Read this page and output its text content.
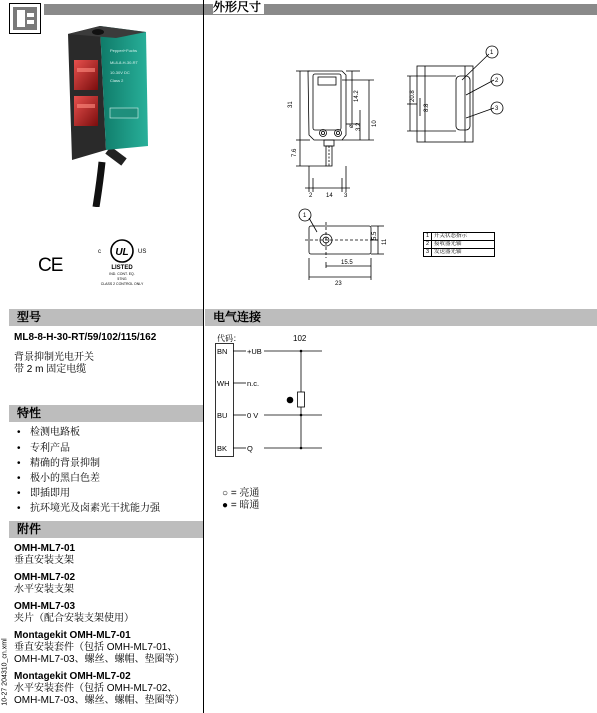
外形尺寸
Pepperl+Fuchs
ML8-8-H-30-RT
10-30V DC
Class 2
CE
c UL US
LISTED
IND. CONT. EQ.
57NG
CLASS 2 CONTROL ONLY
31
7.6
14.2
3.2
ø	10
2 14 3
20.8
8.8
5.5
11
15.5
23
1
2
3
1
1 开关状态指示
2 接收器光轴
3 发送器光轴
型号	电气连接
ML8-8-H-30-RT/59/102/115/162
背景抑制光电开关
带 2 m 固定电缆
特性
• 检测电路板
• 专利产品
• 精确的背景抑制
• 极小的黑白色差
• 即插即用
• 抗环境光及卤素光干扰能力强
附件
OMH-ML7-01
垂直安装支架
OMH-ML7-02
水平安装支架
OMH-ML7-03
夹片（配合安装支架使用）
Montagekit OMH-ML7-01
垂直安装套件（包括 OMH-ML7-01、
OMH-ML7-03、螺丝、螺帽、垫圈等）
Montagekit OMH-ML7-02
水平安装套件（包括 OMH-ML7-02、
OMH-ML7-03、螺丝、螺帽、垫圈等）
10-27 204310_cn.xml
代码：	102
BN
WH
BU
BK
+UB
n.c.
0 V
Q
○ = 亮通
● = 暗通
